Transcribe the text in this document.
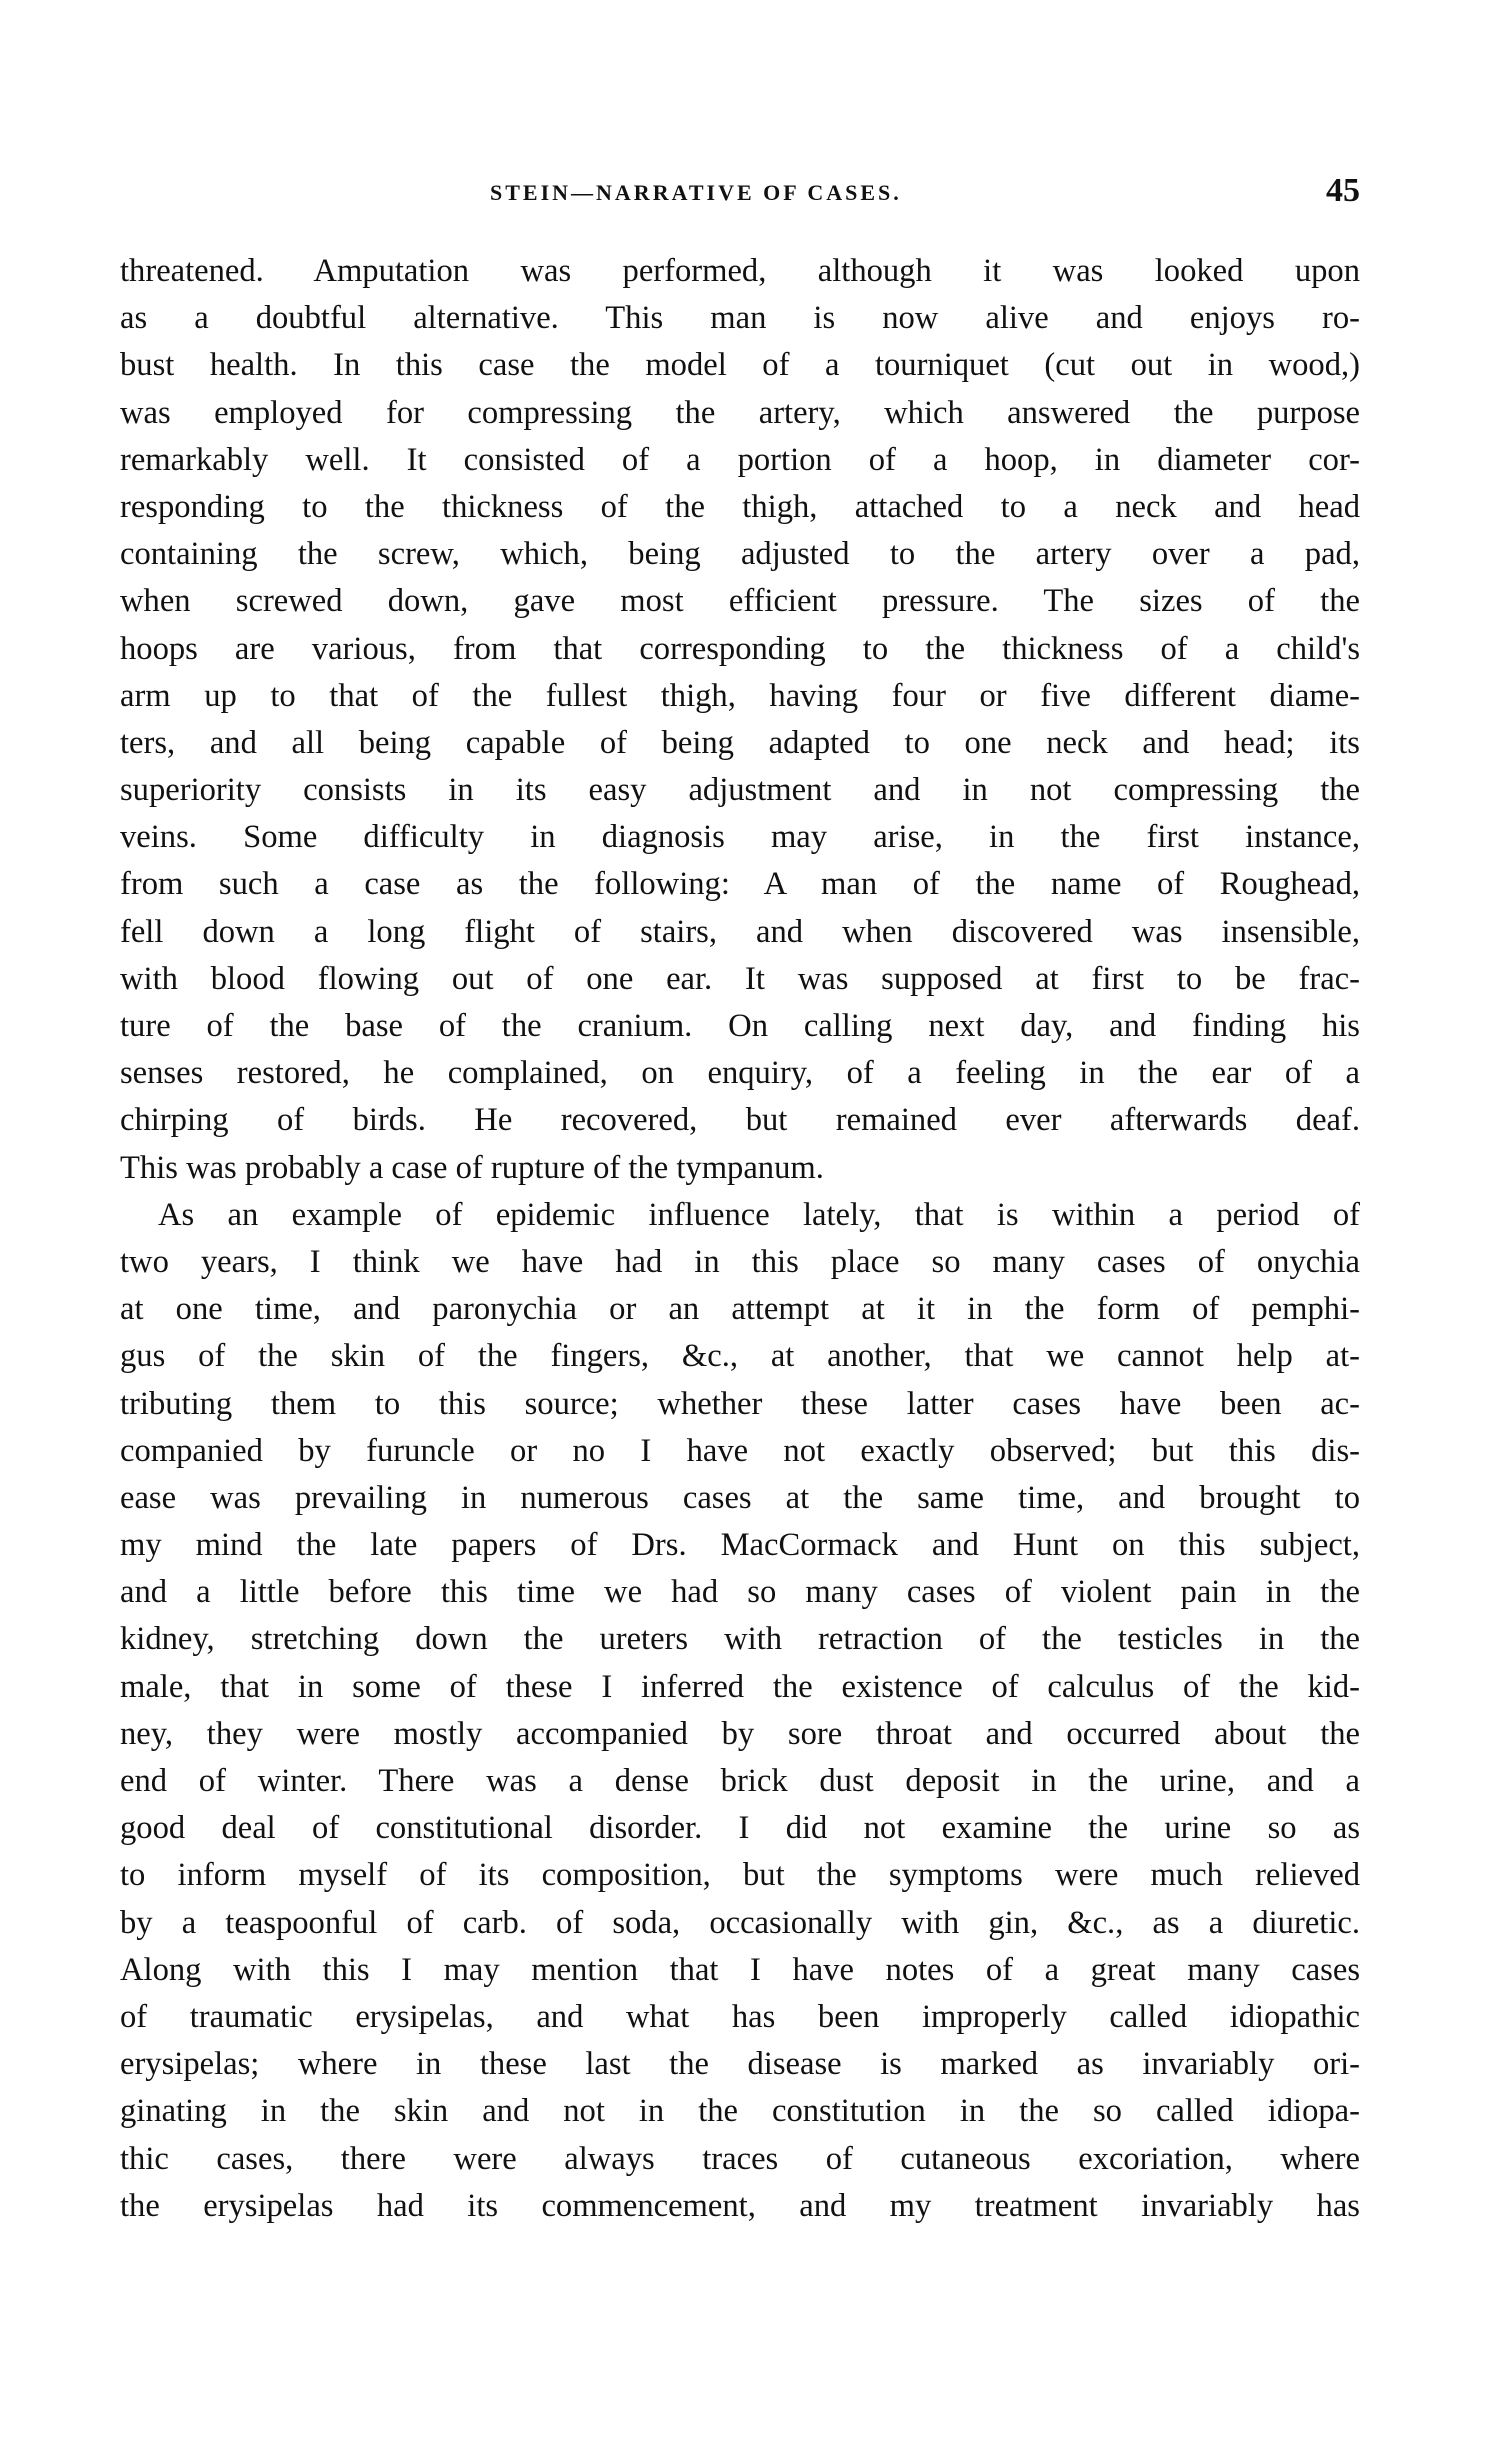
STEIN—NARRATIVE OF CASES.	45
threatened. Amputation was performed, although it was looked upon
as a doubtful alternative. This man is now alive and enjoys ro-
bust health. In this case the model of a tourniquet (cut out in wood,)
was employed for compressing the artery, which answered the purpose
remarkably well. It consisted of a portion of a hoop, in diameter cor-
responding to the thickness of the thigh, attached to a neck and head
containing the screw, which, being adjusted to the artery over a pad,
when screwed down, gave most efficient pressure. The sizes of the
hoops are various, from that corresponding to the thickness of a child's
arm up to that of the fullest thigh, having four or five different diame-
ters, and all being capable of being adapted to one neck and head; its
superiority consists in its easy adjustment and in not compressing the
veins. Some difficulty in diagnosis may arise, in the first instance,
from such a case as the following: A man of the name of Roughead,
fell down a long flight of stairs, and when discovered was insensible,
with blood flowing out of one ear. It was supposed at first to be frac-
ture of the base of the cranium. On calling next day, and finding his
senses restored, he complained, on enquiry, of a feeling in the ear of a
chirping of birds. He recovered, but remained ever afterwards deaf.
This was probably a case of rupture of the tympanum.
As an example of epidemic influence lately, that is within a period of
two years, I think we have had in this place so many cases of onychia
at one time, and paronychia or an attempt at it in the form of pemphi-
gus of the skin of the fingers, &c., at another, that we cannot help at-
tributing them to this source; whether these latter cases have been ac-
companied by furuncle or no I have not exactly observed; but this dis-
ease was prevailing in numerous cases at the same time, and brought to
my mind the late papers of Drs. MacCormack and Hunt on this subject,
and a little before this time we had so many cases of violent pain in the
kidney, stretching down the ureters with retraction of the testicles in the
male, that in some of these I inferred the existence of calculus of the kid-
ney, they were mostly accompanied by sore throat and occurred about the
end of winter. There was a dense brick dust deposit in the urine, and a
good deal of constitutional disorder. I did not examine the urine so as
to inform myself of its composition, but the symptoms were much relieved
by a teaspoonful of carb. of soda, occasionally with gin, &c., as a diuretic.
Along with this I may mention that I have notes of a great many cases
of traumatic erysipelas, and what has been improperly called idiopathic
erysipelas; where in these last the disease is marked as invariably ori-
ginating in the skin and not in the constitution in the so called idiopa-
thic cases, there were always traces of cutaneous excoriation, where
the erysipelas had its commencement, and my treatment invariably has
